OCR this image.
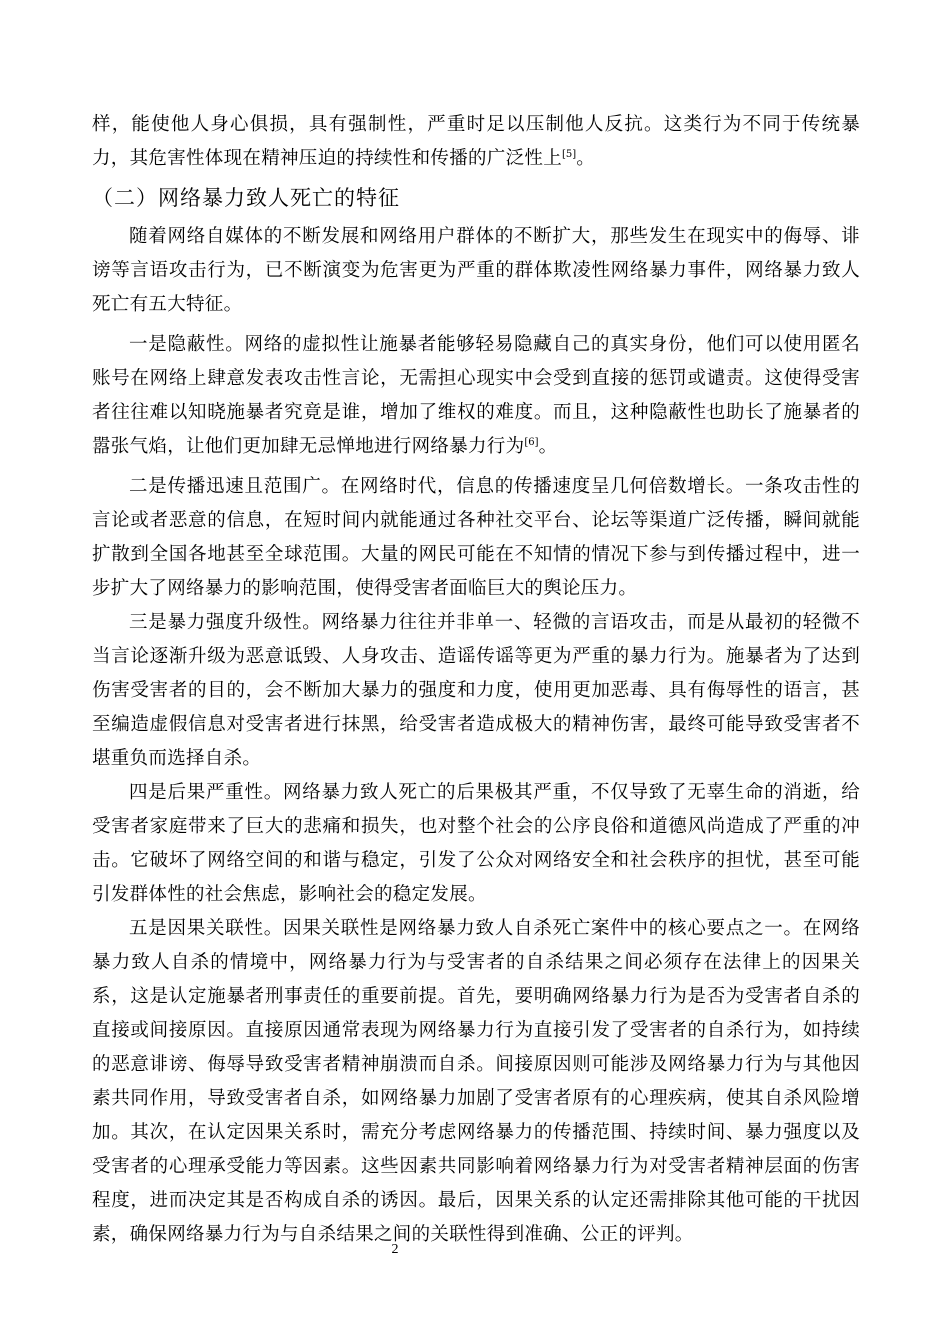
样，能使他人身心俱损，具有强制性，严重时足以压制他人反抗。这类行为不同于传统暴力，其危害性体现在精神压迫的持续性和传播的广泛性上[5]。

（二）网络暴力致人死亡的特征

随着网络自媒体的不断发展和网络用户群体的不断扩大，那些发生在现实中的侮辱、诽谤等言语攻击行为，已不断演变为危害更为严重的群体欺凌性网络暴力事件，网络暴力致人死亡有五大特征。

一是隐蔽性。网络的虚拟性让施暴者能够轻易隐藏自己的真实身份，他们可以使用匿名账号在网络上肆意发表攻击性言论，无需担心现实中会受到直接的惩罚或谴责。这使得受害者往往难以知晓施暴者究竟是谁，增加了维权的难度。而且，这种隐蔽性也助长了施暴者的嚣张气焰，让他们更加肆无忌惮地进行网络暴力行为[6]。

二是传播迅速且范围广。在网络时代，信息的传播速度呈几何倍数增长。一条攻击性的言论或者恶意的信息，在短时间内就能通过各种社交平台、论坛等渠道广泛传播，瞬间就能扩散到全国各地甚至全球范围。大量的网民可能在不知情的情况下参与到传播过程中，进一步扩大了网络暴力的影响范围，使得受害者面临巨大的舆论压力。

三是暴力强度升级性。网络暴力往往并非单一、轻微的言语攻击，而是从最初的轻微不当言论逐渐升级为恶意诋毁、人身攻击、造谣传谣等更为严重的暴力行为。施暴者为了达到伤害受害者的目的，会不断加大暴力的强度和力度，使用更加恶毒、具有侮辱性的语言，甚至编造虚假信息对受害者进行抹黑，给受害者造成极大的精神伤害，最终可能导致受害者不堪重负而选择自杀。

四是后果严重性。网络暴力致人死亡的后果极其严重，不仅导致了无辜生命的消逝，给受害者家庭带来了巨大的悲痛和损失，也对整个社会的公序良俗和道德风尚造成了严重的冲击。它破坏了网络空间的和谐与稳定，引发了公众对网络安全和社会秩序的担忧，甚至可能引发群体性的社会焦虑，影响社会的稳定发展。

五是因果关联性。因果关联性是网络暴力致人自杀死亡案件中的核心要点之一。在网络暴力致人自杀的情境中，网络暴力行为与受害者的自杀结果之间必须存在法律上的因果关系，这是认定施暴者刑事责任的重要前提。首先，要明确网络暴力行为是否为受害者自杀的直接或间接原因。直接原因通常表现为网络暴力行为直接引发了受害者的自杀行为，如持续的恶意诽谤、侮辱导致受害者精神崩溃而自杀。间接原因则可能涉及网络暴力行为与其他因素共同作用，导致受害者自杀，如网络暴力加剧了受害者原有的心理疾病，使其自杀风险增加。其次，在认定因果关系时，需充分考虑网络暴力的传播范围、持续时间、暴力强度以及受害者的心理承受能力等因素。这些因素共同影响着网络暴力行为对受害者精神层面的伤害程度，进而决定其是否构成自杀的诱因。最后，因果关系的认定还需排除其他可能的干扰因素，确保网络暴力行为与自杀结果之间的关联性得到准确、公正的评判。

2
